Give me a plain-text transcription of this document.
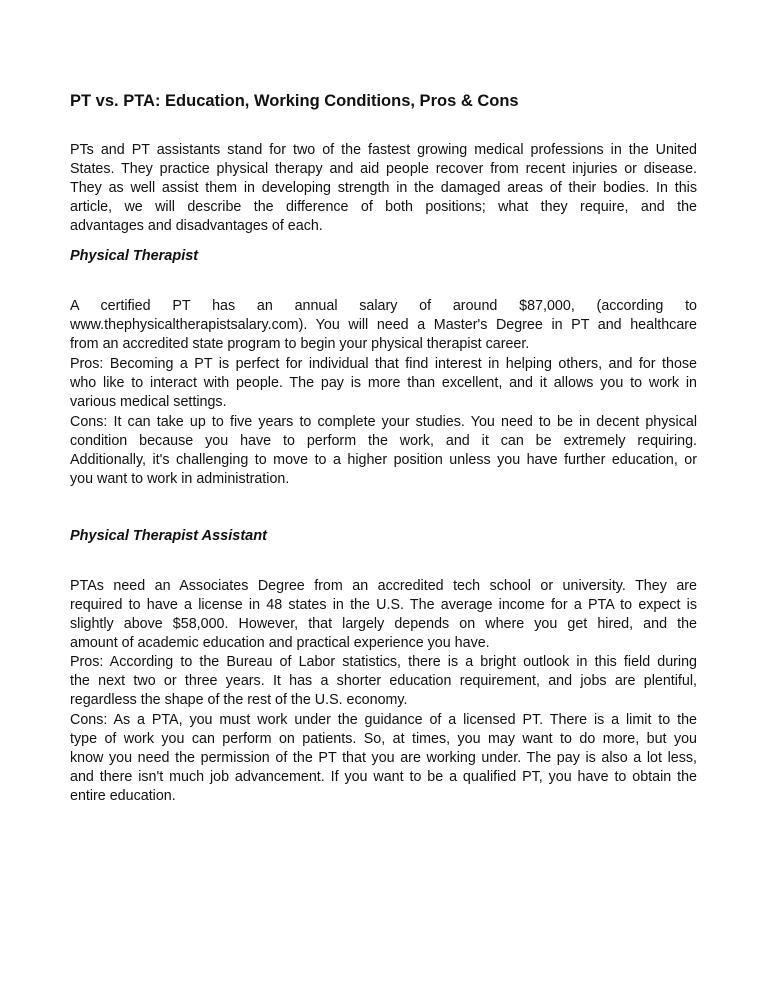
PT vs. PTA: Education, Working Conditions, Pros & Cons
PTs and PT assistants stand for two of the fastest growing medical professions in the United
States. They practice physical therapy and aid people recover from recent injuries or disease.
They as well assist them in developing strength in the damaged areas of their bodies. In this
article, we will describe the difference of both positions; what they require, and the
advantages and disadvantages of each.
Physical Therapist
A certified PT has an annual salary of around $87,000, (according to
www.thephysicaltherapistsalary.com). You will need a Master's Degree in PT and healthcare
from an accredited state program to begin your physical therapist career.
Pros: Becoming a PT is perfect for individual that find interest in helping others, and for those
who like to interact with people. The pay is more than excellent, and it allows you to work in
various medical settings.
Cons: It can take up to five years to complete your studies. You need to be in decent physical
condition because you have to perform the work, and it can be extremely requiring.
Additionally, it's challenging to move to a higher position unless you have further education, or
you want to work in administration.
Physical Therapist Assistant
PTAs need an Associates Degree from an accredited tech school or university. They are
required to have a license in 48 states in the U.S. The average income for a PTA to expect is
slightly above $58,000. However, that largely depends on where you get hired, and the
amount of academic education and practical experience you have.
Pros: According to the Bureau of Labor statistics, there is a bright outlook in this field during
the next two or three years. It has a shorter education requirement, and jobs are plentiful,
regardless the shape of the rest of the U.S. economy.
Cons: As a PTA, you must work under the guidance of a licensed PT. There is a limit to the
type of work you can perform on patients. So, at times, you may want to do more, but you
know you need the permission of the PT that you are working under. The pay is also a lot less,
and there isn't much job advancement. If you want to be a qualified PT, you have to obtain the
entire education.
